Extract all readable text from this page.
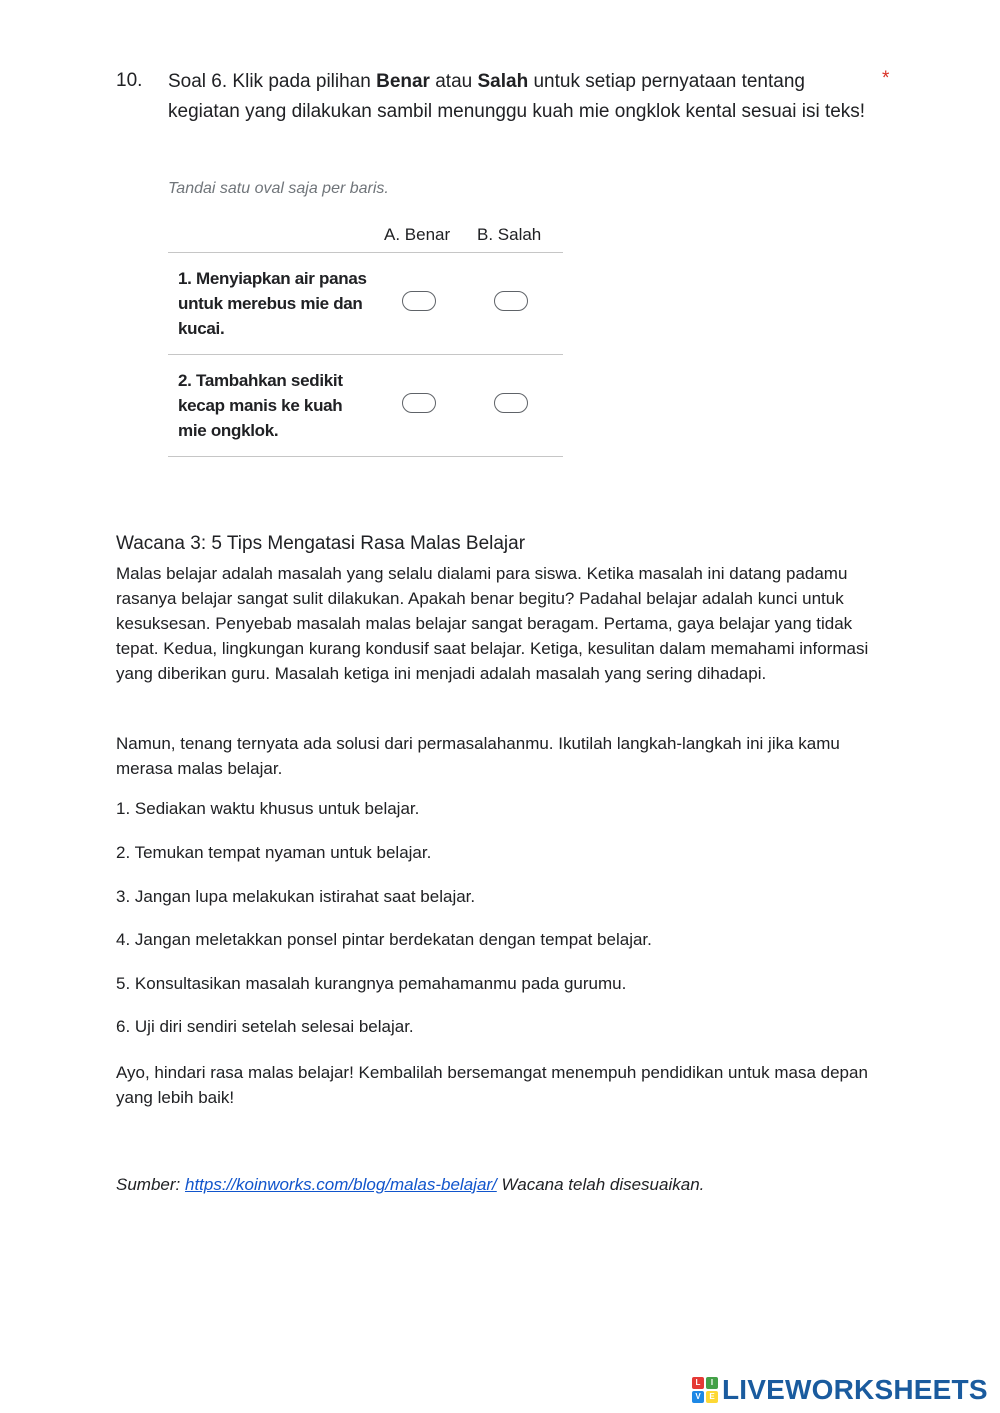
10. Soal 6. Klik pada pilihan Benar atau Salah untuk setiap pernyataan tentang kegiatan yang dilakukan sambil menunggu kuah mie ongklok kental sesuai isi teks!
*
Tandai satu oval saja per baris.
A. Benar B. Salah
1. Menyiapkan air panas untuk merebus mie dan kucai.
2. Tambahkan sedikit kecap manis ke kuah mie ongklok.
Wacana 3: 5 Tips Mengatasi Rasa Malas Belajar

Malas belajar adalah masalah yang selalu dialami para siswa. Ketika masalah ini datang padamu rasanya belajar sangat sulit dilakukan. Apakah benar begitu? Padahal belajar adalah kunci untuk kesuksesan. Penyebab masalah malas belajar sangat beragam. Pertama, gaya belajar yang tidak tepat. Kedua, lingkungan kurang kondusif saat belajar. Ketiga, kesulitan dalam memahami informasi yang diberikan guru. Masalah ketiga ini menjadi adalah masalah yang sering dihadapi.

Namun, tenang ternyata ada solusi dari permasalahanmu. Ikutilah langkah-langkah ini jika kamu merasa malas belajar.

1. Sediakan waktu khusus untuk belajar.
2. Temukan tempat nyaman untuk belajar.
3. Jangan lupa melakukan istirahat saat belajar.
4. Jangan meletakkan ponsel pintar berdekatan dengan tempat belajar.
5. Konsultasikan masalah kurangnya pemahamanmu pada gurumu.
6. Uji diri sendiri setelah selesai belajar.

Ayo, hindari rasa malas belajar! Kembalilah bersemangat menempuh pendidikan untuk masa depan yang lebih baik!

Sumber: https://koinworks.com/blog/malas-belajar/ Wacana telah disesuaikan.
L	I
V	E LIVEWORKSHEETS
